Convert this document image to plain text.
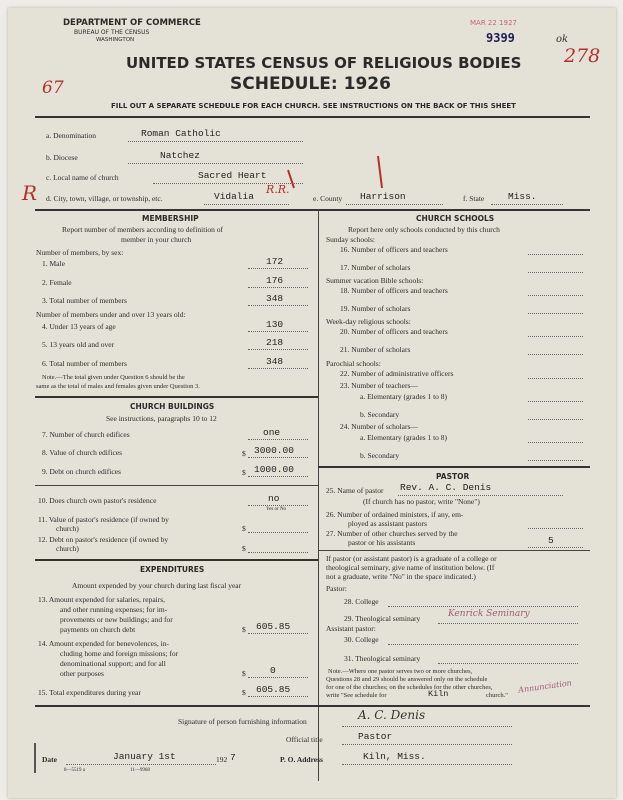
DEPARTMENT OF COMMERCE
BUREAU OF THE CENSUS
WASHINGTON
UNITED STATES CENSUS OF RELIGIOUS BODIES
SCHEDULE: 1926
FILL OUT A SEPARATE SCHEDULE FOR EACH CHURCH. SEE INSTRUCTIONS ON THE BACK OF THIS SHEET
9399
MAR 22 1927
ok
278
67
a. Denomination	Roman Catholic
b. Diocese	Natchez
c. Local name of church	Sacred Heart
R d. City, town, village, or township, etc.	Vidalia
R.R.
e. County Harrison	f. State	Miss.
MEMBERSHIP
Report number of members according to definition of
member in your church
Number of members, by sex:
1. Male	172
2. Female	176
3. Total number of members	348
Number of members under and over 13 years old:
4. Under 13 years of age	130
5. 13 years old and over	218
6. Total number of members	348
Note.—The total given under Question 6 should be the
same as the total of males and females given under Question 3.
CHURCH BUILDINGS
See instructions, paragraphs 10 to 12
7. Number of church edifices	one
8. Value of church edifices	$ 3000.00
9. Debt on church edifices	$ 1000.00
10. Does church own pastor's residence	no
Yes or No
11. Value of pastor's residence (if owned by
church)	$
12. Debt on pastor's residence (if owned by
church)	$
EXPENDITURES
Amount expended by your church during last fiscal year
13. Amount expended for salaries, repairs,
and other running expenses; for im-
provements or new buildings; and for
payments on church debt	$ 605.85
14. Amount expended for benevolences, in-
cluding home and foreign missions; for
denominational support; and for all
other purposes	$	0
15. Total expenditures during year	$ 605.85
CHURCH SCHOOLS
Report here only schools conducted by this church
Sunday schools:
16. Number of officers and teachers
17. Number of scholars
Summer vacation Bible schools:
18. Number of officers and teachers
19. Number of scholars
Week-day religious schools:
20. Number of officers and teachers
21. Number of scholars
Parochial schools:
22. Number of administrative officers
23. Number of teachers—
a. Elementary (grades 1 to 8)
b. Secondary
24. Number of scholars—
a. Elementary (grades 1 to 8)
b. Secondary
PASTOR
25. Name of pastor Rev. A. C. Denis
(If church has no pastor, write "None")
26. Number of ordained ministers, if any, em-
ployed as assistant pastors
27. Number of other churches served by the
pastor or his assistants	5
If pastor (or assistant pastor) is a graduate of a college or
theological seminary, give name of institution below. (If
not a graduate, write "No" in the space indicated.)
Pastor:
28. College
29. Theological seminary	Kenrick Seminary
Assistant pastor:
30. College
31. Theological seminary
Note.—Where one pastor serves two or more churches,
Questions 28 and 29 should be answered only on the schedule
for one of the churches; on the schedules for the other churches,
write "See schedule for	Kiln	church."
Annunciation
Signature of person furnishing information	A. C. Denis
Official title	Pastor
Date	January 1st	192 7	P. O. Address	Kiln, Miss.
8—5519 a	11—9968
